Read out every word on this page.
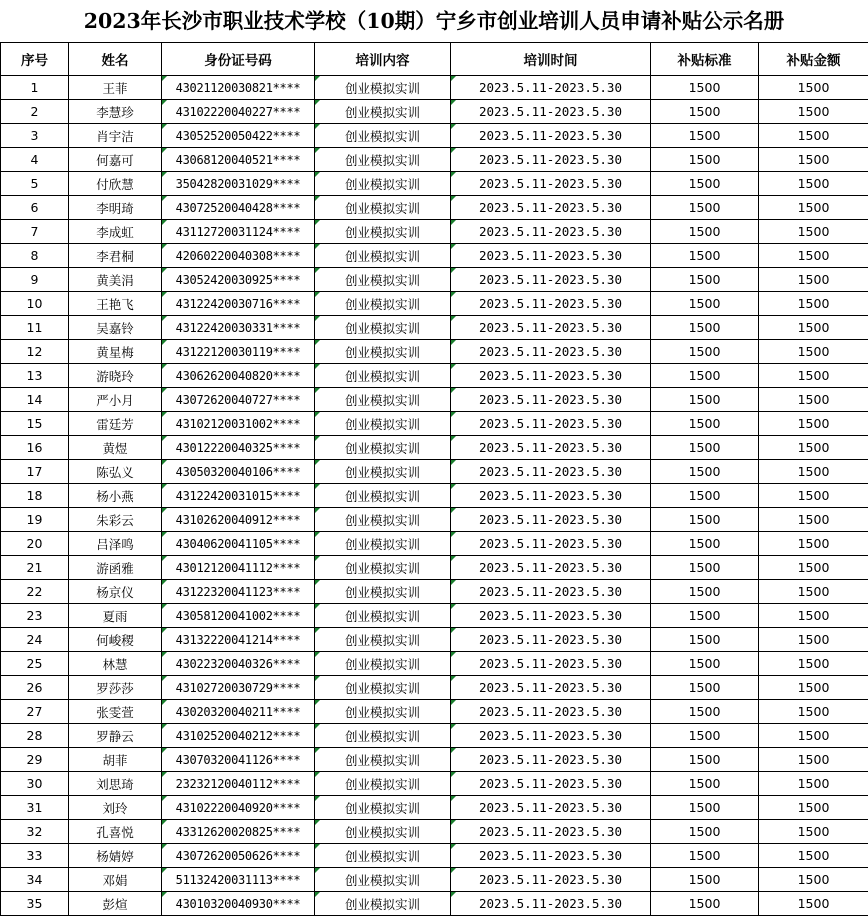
2023年长沙市职业技术学校（10期）宁乡市创业培训人员申请补贴公示名册
序号	姓名	身份证号码	培训内容	培训时间	补贴标准	补贴金额
1	王菲	43021120030821****	创业模拟实训	2023.5.11-2023.5.30	1500	1500
2	李慧珍	43102220040227****	创业模拟实训	2023.5.11-2023.5.30	1500	1500
3	肖宇洁	43052520050422****	创业模拟实训	2023.5.11-2023.5.30	1500	1500
4	何嘉可	43068120040521****	创业模拟实训	2023.5.11-2023.5.30	1500	1500
5	付欣慧	35042820031029****	创业模拟实训	2023.5.11-2023.5.30	1500	1500
6	李明琦	43072520040428****	创业模拟实训	2023.5.11-2023.5.30	1500	1500
7	李成虹	43112720031124****	创业模拟实训	2023.5.11-2023.5.30	1500	1500
8	李君桐	42060220040308****	创业模拟实训	2023.5.11-2023.5.30	1500	1500
9	黄美涓	43052420030925****	创业模拟实训	2023.5.11-2023.5.30	1500	1500
10	王艳飞	43122420030716****	创业模拟实训	2023.5.11-2023.5.30	1500	1500
11	吴嘉铃	43122420030331****	创业模拟实训	2023.5.11-2023.5.30	1500	1500
12	黄星梅	43122120030119****	创业模拟实训	2023.5.11-2023.5.30	1500	1500
13	游晓玲	43062620040820****	创业模拟实训	2023.5.11-2023.5.30	1500	1500
14	严小月	43072620040727****	创业模拟实训	2023.5.11-2023.5.30	1500	1500
15	雷廷芳	43102120031002****	创业模拟实训	2023.5.11-2023.5.30	1500	1500
16	黄煜	43012220040325****	创业模拟实训	2023.5.11-2023.5.30	1500	1500
17	陈弘义	43050320040106****	创业模拟实训	2023.5.11-2023.5.30	1500	1500
18	杨小燕	43122420031015****	创业模拟实训	2023.5.11-2023.5.30	1500	1500
19	朱彩云	43102620040912****	创业模拟实训	2023.5.11-2023.5.30	1500	1500
20	吕泽鸣	43040620041105****	创业模拟实训	2023.5.11-2023.5.30	1500	1500
21	游函雅	43012120041112****	创业模拟实训	2023.5.11-2023.5.30	1500	1500
22	杨京仪	43122320041123****	创业模拟实训	2023.5.11-2023.5.30	1500	1500
23	夏雨	43058120041002****	创业模拟实训	2023.5.11-2023.5.30	1500	1500
24	何峻稷	43132220041214****	创业模拟实训	2023.5.11-2023.5.30	1500	1500
25	林慧	43022320040326****	创业模拟实训	2023.5.11-2023.5.30	1500	1500
26	罗莎莎	43102720030729****	创业模拟实训	2023.5.11-2023.5.30	1500	1500
27	张雯萱	43020320040211****	创业模拟实训	2023.5.11-2023.5.30	1500	1500
28	罗静云	43102520040212****	创业模拟实训	2023.5.11-2023.5.30	1500	1500
29	胡菲	43070320041126****	创业模拟实训	2023.5.11-2023.5.30	1500	1500
30	刘思琦	23232120040112****	创业模拟实训	2023.5.11-2023.5.30	1500	1500
31	刘玲	43102220040920****	创业模拟实训	2023.5.11-2023.5.30	1500	1500
32	孔喜悦	43312620020825****	创业模拟实训	2023.5.11-2023.5.30	1500	1500
33	杨婧婷	43072620050626****	创业模拟实训	2023.5.11-2023.5.30	1500	1500
34	邓娟	51132420031113****	创业模拟实训	2023.5.11-2023.5.30	1500	1500
35	彭煊	43010320040930****	创业模拟实训	2023.5.11-2023.5.30	1500	1500
